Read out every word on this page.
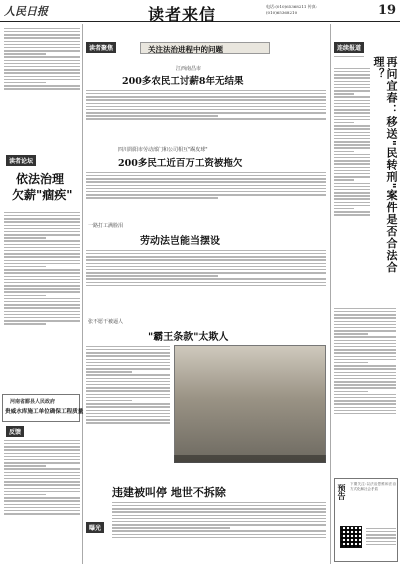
人民日报	读者来信	电话:(010)65368211 传真:(010)65368210	19
读者聚焦	关注法治进程中的问题
江西南昌市
200多农民工讨薪8年无结果
四川简阳市劳动部门和公司相互"踢皮球"
200多民工近百万工资被拖欠
一路打工满脸泪
劳动法岂能当摆设
张不愿干被逼人
"霸王条款"太欺人
曝光
违建被叫停 地世不拆除
读者论坛
依法治理
欠薪"痼疾"
河南省郾县人民政府
贵威水库施工单位确保工程质量
反馈
连续报道
再问宜春：移送"民转刑"案件是否合法合理？
预告 下期关注:以法治思维和法治方式化解社会矛盾
